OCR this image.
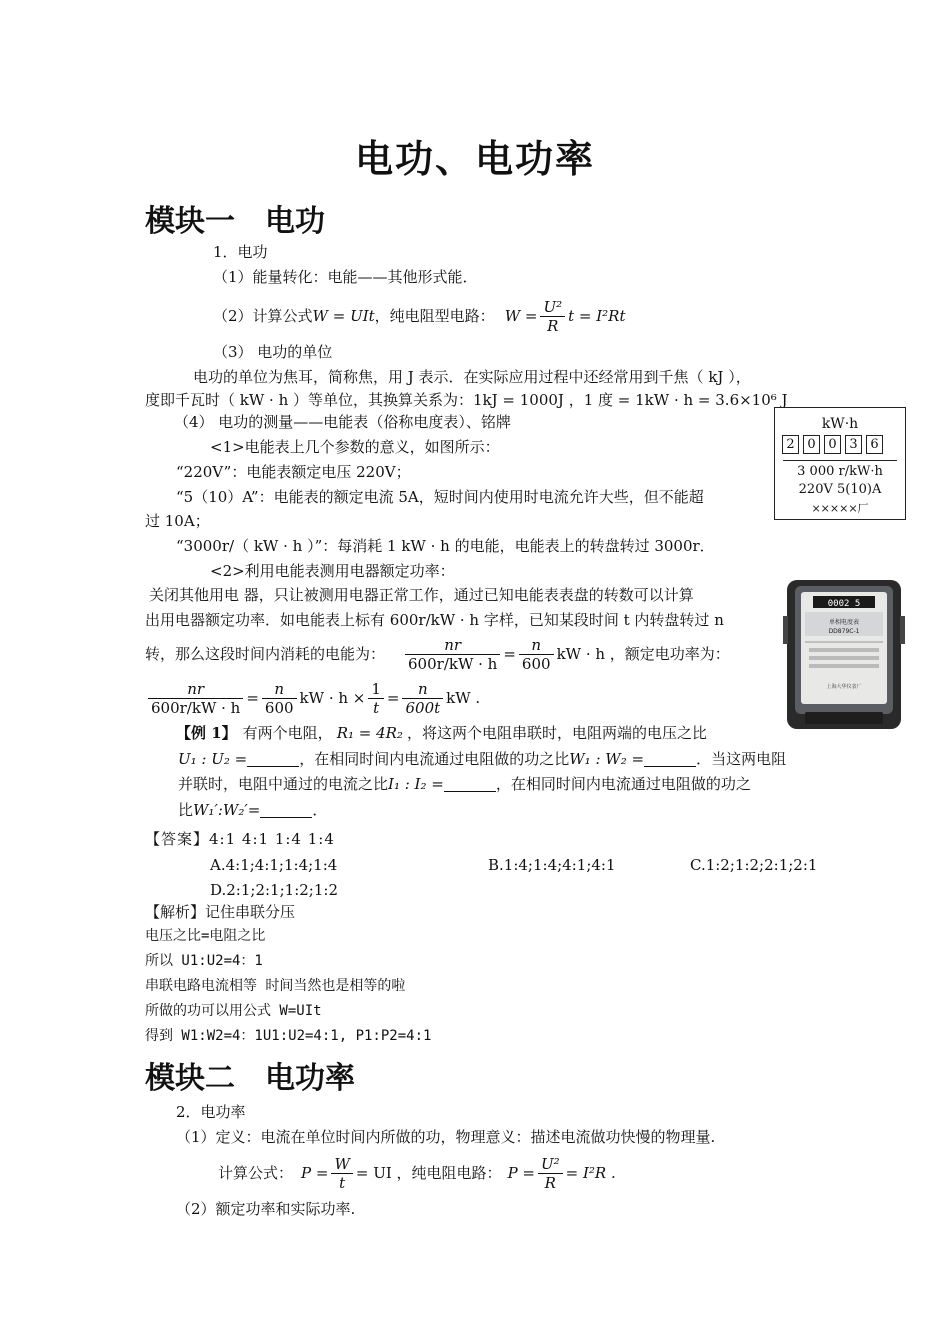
电功、电功率
模块一　电功
1．电功
（1）能量转化：电能——其他形式能．
（2）计算公式 W = UIt ，纯电阻型电路： $W = \frac{\text{U²}}{R}$ t = I²Rt
（3） 电功的单位
电功的单位为焦耳，简称焦，用 J 表示．在实际应用过程中还经常用到千焦（ kJ ），
度即千瓦时（ kW · h ）等单位，其换算关系为：1kJ = 1000J ，1 度 = 1kW · h = 3.6×10⁶ J
（4） 电功的测量——电能表（俗称电度表）、铭牌
<1>电能表上几个参数的意义，如图所示：
“220V”：电能表额定电压 220V；
“5（10）A”：电能表的额定电流 5A，短时间内使用时电流允许大些，但不能超
过 10A；
“3000r/（ kW · h ）”：每消耗 1 kW · h 的电能，电能表上的转盘转过 3000r．
<2>利用电能表测用电器额定功率：
关闭其他用电 器，只让被测用电器正常工作，通过已知电能表表盘的转数可以计算
出用电器额定功率．如电能表上标有 600r/kW · h 字样，已知某段时间 t 内转盘转过 n
转，那么这段时间内消耗的电能为： $\frac{nr}{600r/kW \cdot h} = \frac{n}{600}$ kW · h ，额定电功率为：
$\frac{nr}{600r/kW \cdot h} = \frac{n}{600}$ kW · $h \times \frac{1}{t} = \frac{n}{600t}$ kW .
kW·h
2 0 0 3 6
3 000 r/kW·h
220V 5(10)A
×××××厂
0002 5
单相电度表
DD879C-1
上海大华仪表厂
【例 1】 有两个电阻， R₁ = 4R₂ ，将这两个电阻串联时，电阻两端的电压之比
U₁ : U₂ =	，在相同时间内电流通过电阻做的功之比 W₁ : W₂ =	．当这两电阻
并联时，电阻中通过的电流之比 I₁ : I₂ =	，在相同时间内电流通过电阻做的功之
比 W₁′:W₂′=	．
【答案】4:1 4:1 1:4 1:4
A.4:1;4:1;1:4;1:4	B.1:4;1:4;4:1;4:1	C.1:2;1:2;2:1;2:1
D.2:1;2:1;1:2;1:2
【解析】记住串联分压
电压之比=电阻之比
所以 U1:U2=4：1
串联电路电流相等 时间当然也是相等的啦
所做的功可以用公式 W=UIt
得到 W1:W2=4：1U1:U2=4:1, P1:P2=4:1
模块二　电功率
2．电功率
（1）定义：电流在单位时间内所做的功，物理意义：描述电流做功快慢的物理量.
计算公式： $P = \frac{W}{t}$ = UI ，纯电阻电路： $P = \frac{\text{U²}}{R} = I^2R$ .
（2）额定功率和实际功率.
